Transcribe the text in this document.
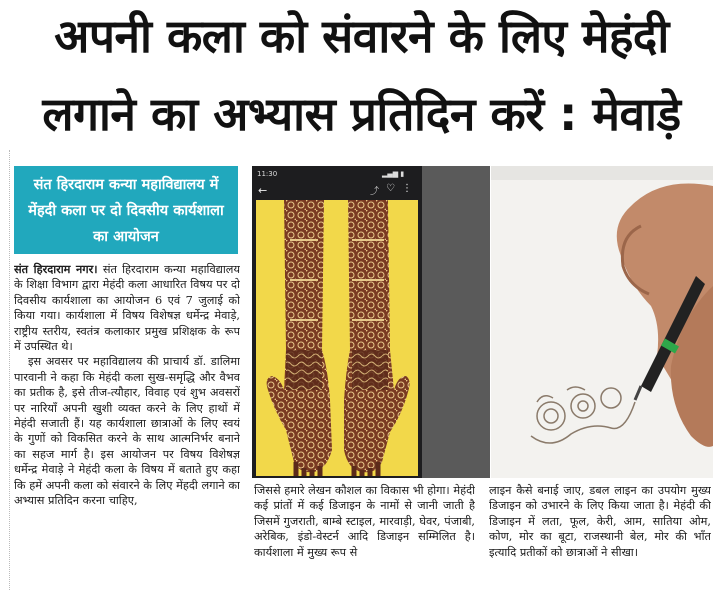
अपनी कला को संवारने के लिए मेहंदी
लगाने का अभ्यास प्रतिदिन करें : मेवाड़े
संत हिरदाराम कन्या महाविद्यालय में मेंहदी कला पर दो दिवसीय कार्यशाला का आयोजन

संत हिरदाराम नगर। संत हिरदाराम कन्या महाविद्यालय के शिक्षा विभाग द्वारा मेहंदी कला आधारित विषय पर दो दिवसीय कार्यशाला का आयोजन 6 एवं 7 जुलाई को किया गया। कार्यशाला में विषय विशेषज्ञ धर्मेन्द्र मेवाड़े, राष्ट्रीय स्तरीय, स्वतंत्र कलाकार प्रमुख प्रशिक्षक के रूप में उपस्थित थे।

इस अवसर पर महाविद्यालय की प्राचार्य डॉ. डालिमा पारवानी ने कहा कि मेहंदी कला सुख-समृद्धि और वैभव का प्रतीक है, इसे तीज-त्यौहार, विवाह एवं शुभ अवसरों पर नारियाँ अपनी खुशी व्यक्त करने के लिए हाथों में मेहंदी सजाती हैं। यह कार्यशाला छात्राओं के लिए स्वयं के गुणों को विकसित करने के साथ आत्मनिर्भर बनाने का सहज मार्ग है। इस आयोजन पर विषय विशेषज्ञ धर्मेन्द्र मेवाड़े ने मेहंदी कला के विषय में बताते हुए कहा कि हमें अपनी कला को संवारने के लिए मेंहदी लगाने का अभ्यास प्रतिदिन करना चाहिए,

11:30	▂▄▆ ▮
←	⤴ ♡ ⋮
जिससे हमारे लेखन कौशल का विकास भी होगा। मेहंदी कई प्रांतों में कई डिजाइन के नामों से जानी जाती है जिसमें गुजराती, बाम्बे स्टाइल, मारवाड़ी, घेवर, पंजाबी, अरेबिक, इंडो-वेस्टर्न आदि डिजाइन सम्मिलित है। कार्यशाला में मुख्य रूप से
लाइन कैसे बनाई जाए, डबल लाइन का उपयोग मुख्य डिजाइन को उभारने के लिए किया जाता है। मेहंदी की डिजाइन में लता, फूल, केरी, आम, सातिया ओम, कोण, मोर का बूटा, राजस्थानी बेल, मोर की भाँत इत्यादि प्रतीकों को छात्राओं ने सीखा।
